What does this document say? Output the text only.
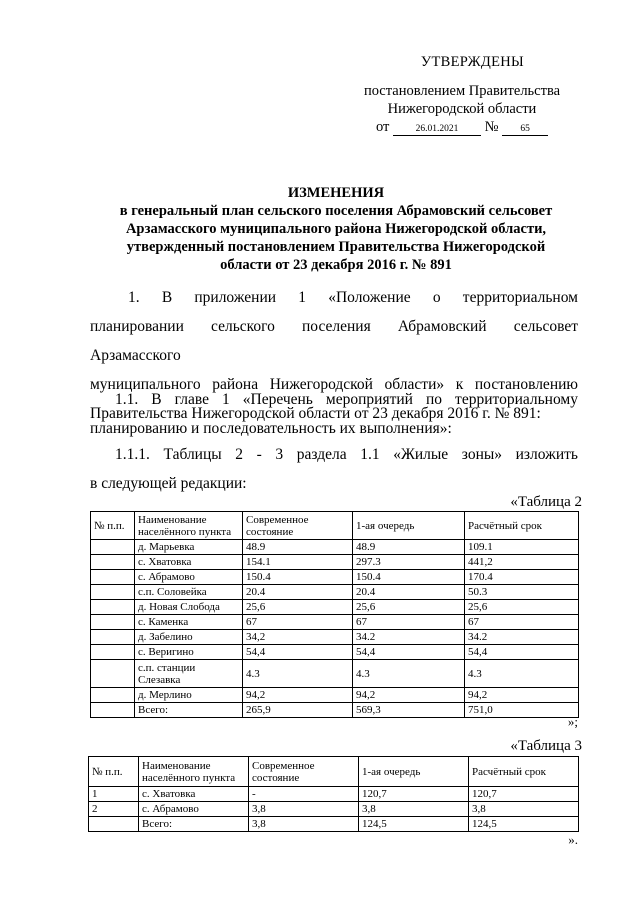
УТВЕРЖДЕНЫ
постановлением Правительства
Нижегородской области
от	26.01.2021 № 65
ИЗМЕНЕНИЯ
в генеральный план сельского поселения Абрамовский сельсовет
Арзамасского муниципального района Нижегородской области,
утвержденный постановлением Правительства Нижегородской
области от 23 декабря 2016 г. № 891
1. В приложении 1 «Положение о территориальном
планировании сельского поселения Абрамовский сельсовет Арзамасского
муниципального района Нижегородской области» к постановлению
Правительства Нижегородской области от 23 декабря 2016 г. № 891:
1.1. В главе 1 «Перечень мероприятий по территориальному
планированию и последовательность их выполнения»:
1.1.1. Таблицы 2 - 3 раздела 1.1 «Жилые зоны» изложить
в следующей редакции:
«Таблица 2
№ п.п.	Наименование населённого пункта	Современное состояние	1-ая очередь	Расчётный срок
	д. Марьевка	48.9	48.9	109.1
	с. Хватовка	154.1	297.3	441,2
	с. Абрамово	150.4	150.4	170.4
	с.п. Соловейка	20.4	20.4	50.3
	д. Новая Слобода	25,6	25,6	25,6
	с. Каменка	67	67	67
	д. Забелино	34,2	34.2	34.2
	с. Веригино	54,4	54,4	54,4
	с.п. станции Слезавка	4.3	4.3	4.3
	д. Мерлино	94,2	94,2	94,2
	Всего:	265,9	569,3	751,0
»;
«Таблица 3
№ п.п.	Наименование населённого пункта	Современное состояние	1-ая очередь	Расчётный срок
1	с. Хватовка	-	120,7	120,7
2	с. Абрамово	3,8	3,8	3,8
	Всего:	3,8	124,5	124,5
».
